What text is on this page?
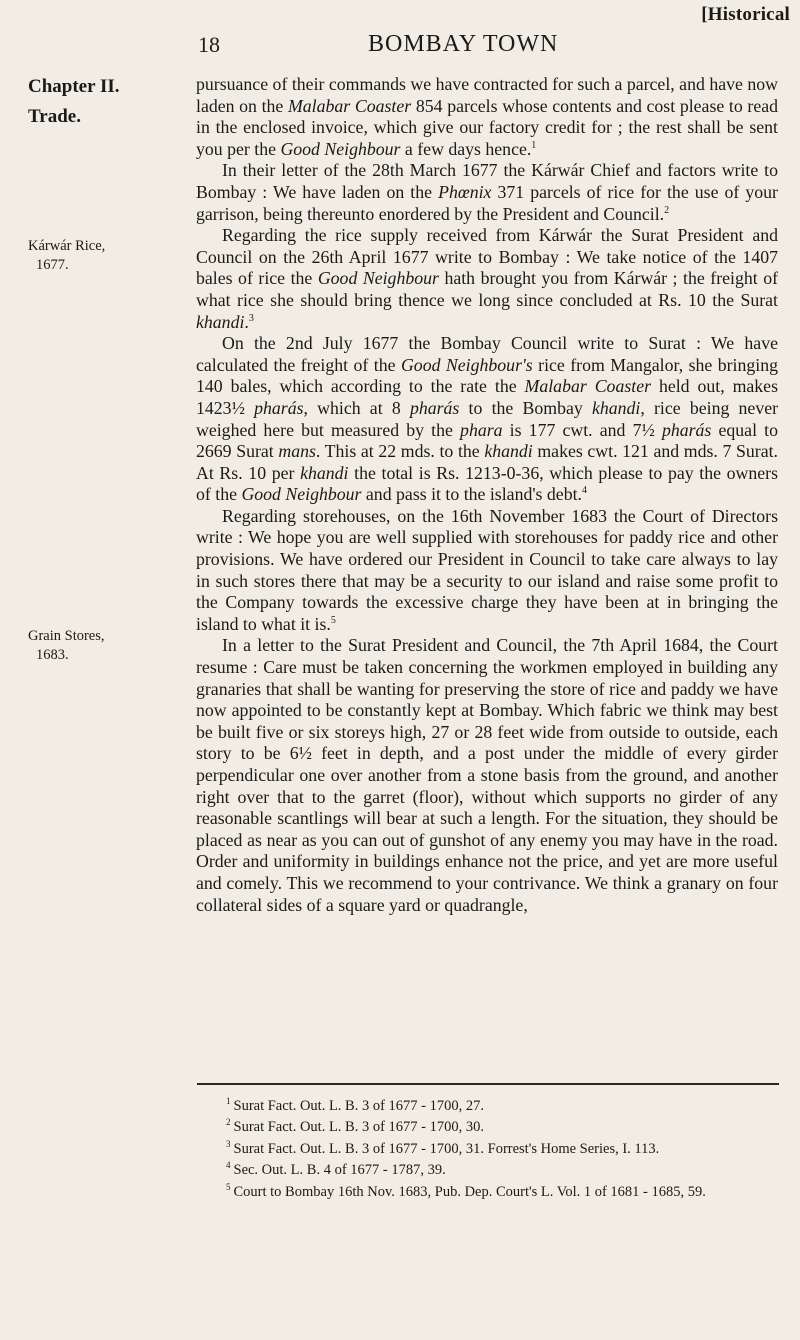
[Historical
18	BOMBAY TOWN
Chapter II.
Trade.
Kárwár Rice,
1677.
Grain Stores,
1683.

pursuance of their commands we have contracted for such a parcel, and have now laden on the Malabar Coaster 854 parcels whose contents and cost please to read in the enclosed invoice, which give our factory credit for ; the rest shall be sent you per the Good Neighbour a few days hence.$^1$

In their letter of the 28th March 1677 the Kárwár Chief and factors write to Bombay : We have laden on the Phœnix 371 parcels of rice for the use of your garrison, being thereunto enordered by the President and Council.$^2$

Regarding the rice supply received from Kárwár the Surat President and Council on the 26th April 1677 write to Bombay : We take notice of the 1407 bales of rice the Good Neighbour hath brought you from Kárwár ; the freight of what rice she should bring thence we long since concluded at Rs. 10 the Surat khandi.$^3$

On the 2nd July 1677 the Bombay Council write to Surat : We have calculated the freight of the Good Neighbour's rice from Mangalor, she bringing 140 bales, which according to the rate the Malabar Coaster held out, makes 1423½ pharás, which at 8 pharás to the Bombay khandi, rice being never weighed here but measured by the phara is 177 cwt. and 7½ pharás equal to 2669 Surat mans. This at 22 mds. to the khandi makes cwt. 121 and mds. 7 Surat. At Rs. 10 per khandi the total is Rs. 1213-0-36, which please to pay the owners of the Good Neighbour and pass it to the island's debt.$^4$

Regarding storehouses, on the 16th November 1683 the Court of Directors write : We hope you are well supplied with storehouses for paddy rice and other provisions. We have ordered our President in Council to take care always to lay in such stores there that may be a security to our island and raise some profit to the Company towards the excessive charge they have been at in bringing the island to what it is.$^5$

In a letter to the Surat President and Council, the 7th April 1684, the Court resume : Care must be taken concerning the workmen employed in building any granaries that shall be wanting for preserving the store of rice and paddy we have now appointed to be constantly kept at Bombay. Which fabric we think may best be built five or six storeys high, 27 or 28 feet wide from outside to outside, each story to be 6½ feet in depth, and a post under the middle of every girder perpendicular one over another from a stone basis from the ground, and another right over that to the garret (floor), without which supports no girder of any reasonable scantlings will bear at such a length. For the situation, they should be placed as near as you can out of gunshot of any enemy you may have in the road. Order and uniformity in buildings enhance not the price, and yet are more useful and comely. This we recommend to your contrivance. We think a granary on four collateral sides of a square yard or quadrangle,

$^1$ Surat Fact. Out. L. B. 3 of 1677 - 1700, 27.
$^2$ Surat Fact. Out. L. B. 3 of 1677 - 1700, 30.
$^3$ Surat Fact. Out. L. B. 3 of 1677 - 1700, 31. Forrest's Home Series, I. 113.
$^4$ Sec. Out. L. B. 4 of 1677 - 1787, 39.
$^5$ Court to Bombay 16th Nov. 1683, Pub. Dep. Court's L. Vol. 1 of 1681 - 1685, 59.
